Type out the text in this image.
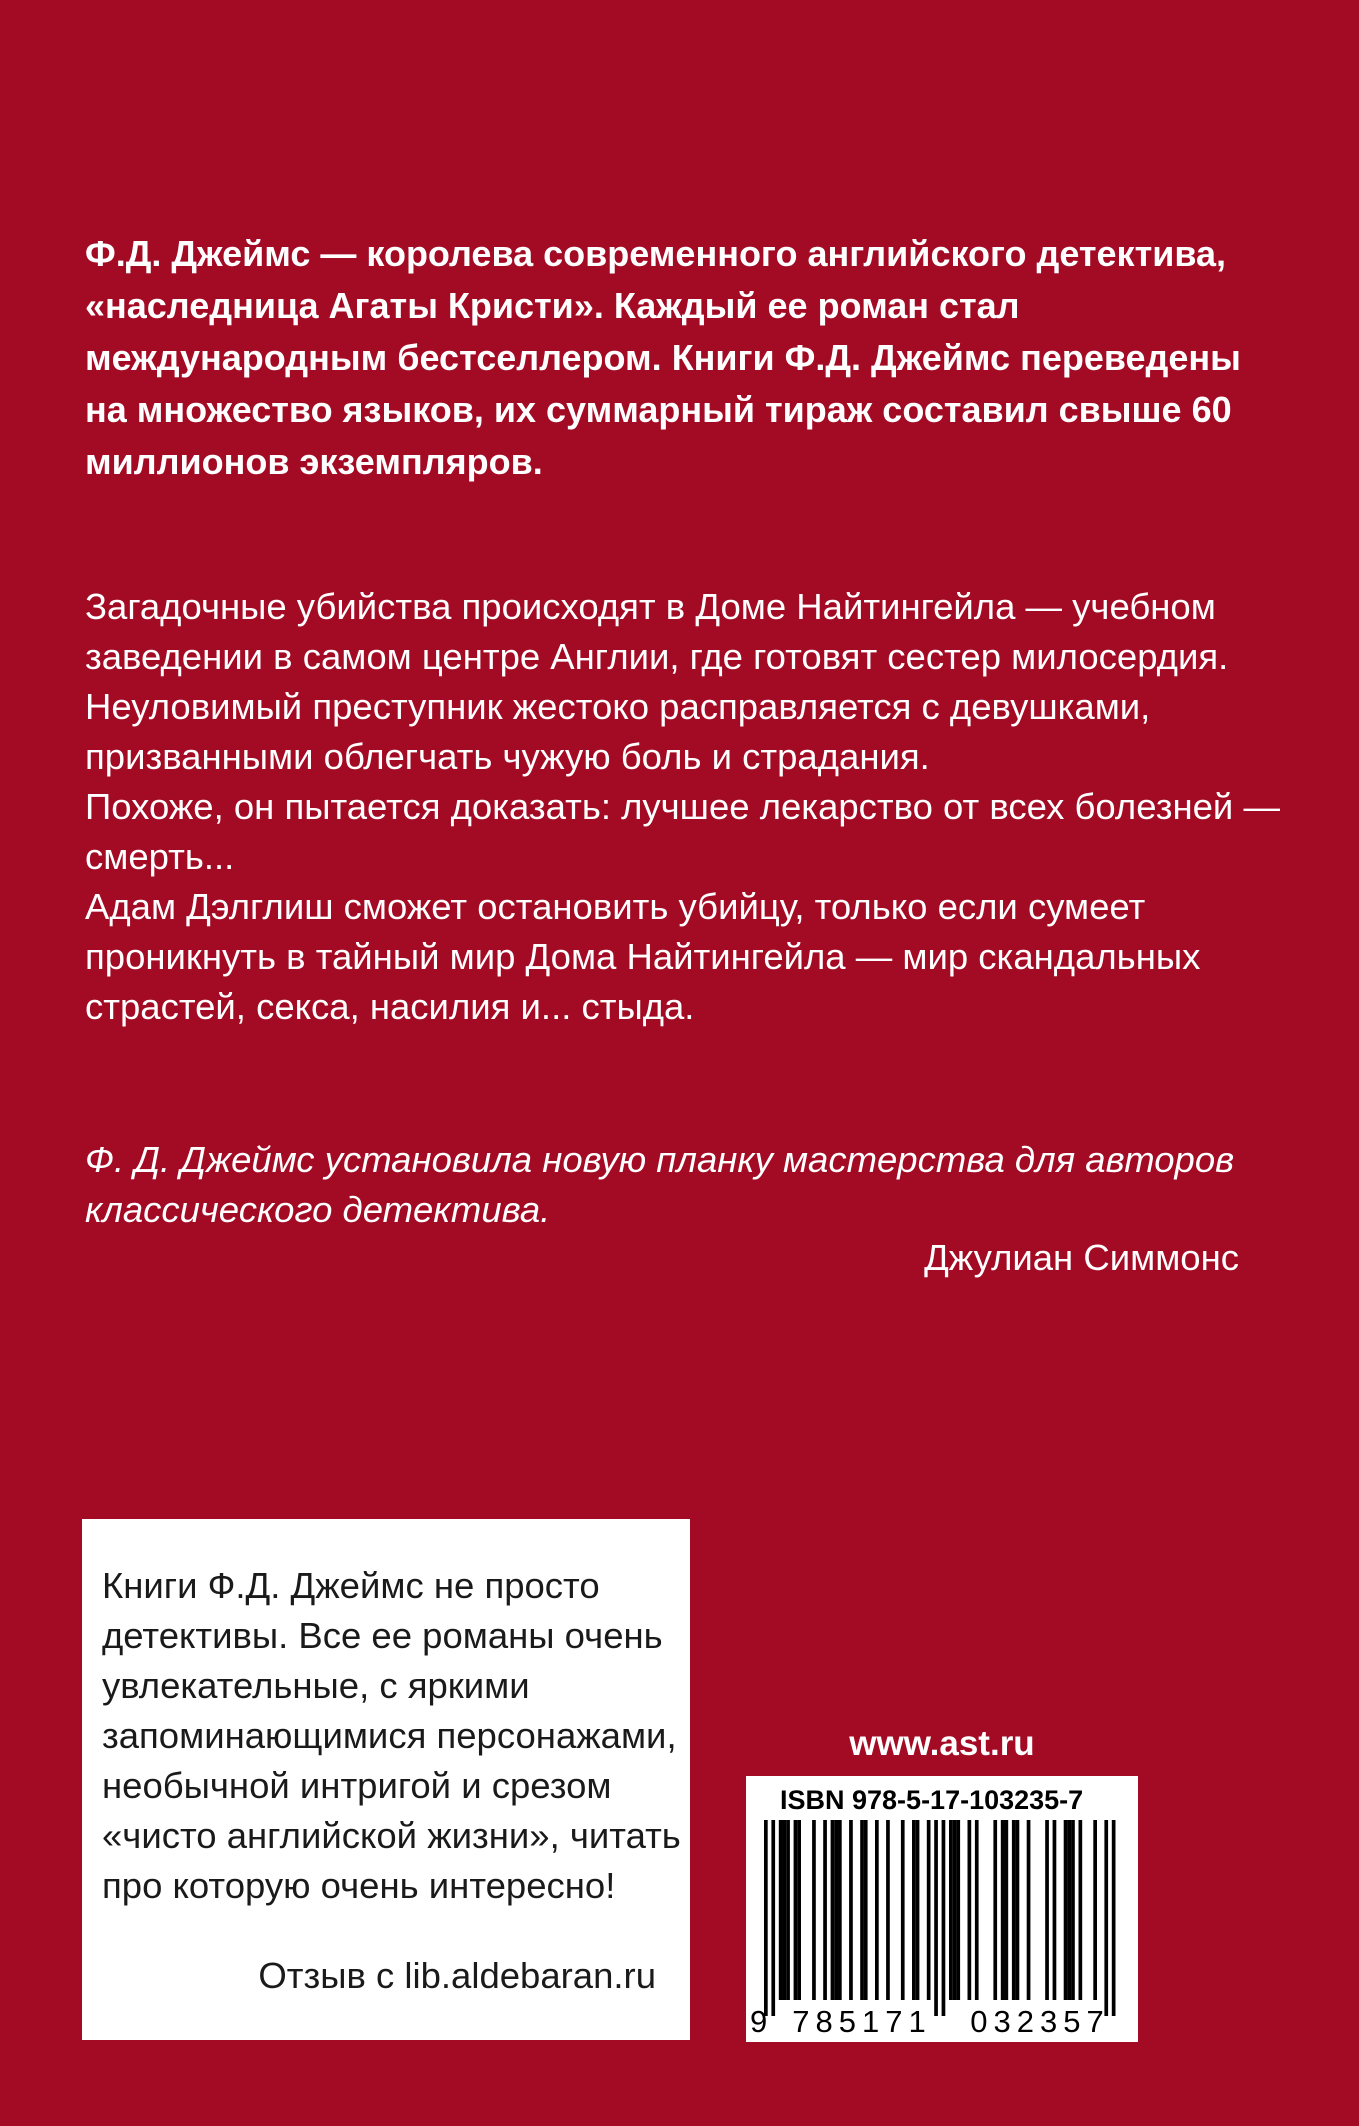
Ф.Д. Джеймс — королева современного английского детектива, «наследница Агаты Кристи». Каждый ее роман стал международным бестселлером. Книги Ф.Д. Джеймс переведены на множество языков, их суммарный тираж составил свыше 60 миллионов экземпляров.

Загадочные убийства происходят в Доме Найтингейла — учебном заведении в самом центре Англии, где готовят сестер милосердия. Неуловимый преступник жестоко расправляется с девушками, призванными облегчать чужую боль и страдания.

Похоже, он пытается доказать: лучшее лекарство от всех болезней — смерть...

Адам Дэлглиш сможет остановить убийцу, только если сумеет проникнуть в тайный мир Дома Найтингейла — мир скандальных страстей, секса, насилия и... стыда.

Ф. Д. Джеймс установила новую планку мастерства для авторов классического детектива.

Джулиан Симмонс

Книги Ф.Д. Джеймс не просто детективы. Все ее романы очень увлекательные, с яркими запоминающимися персонажами, необычной интригой и срезом «чисто английской жизни», читать про которую очень интересно!

Отзыв с lib.aldebaran.ru

www.ast.ru
ISBN 978-5-17-103235-7
9 785171	032357
